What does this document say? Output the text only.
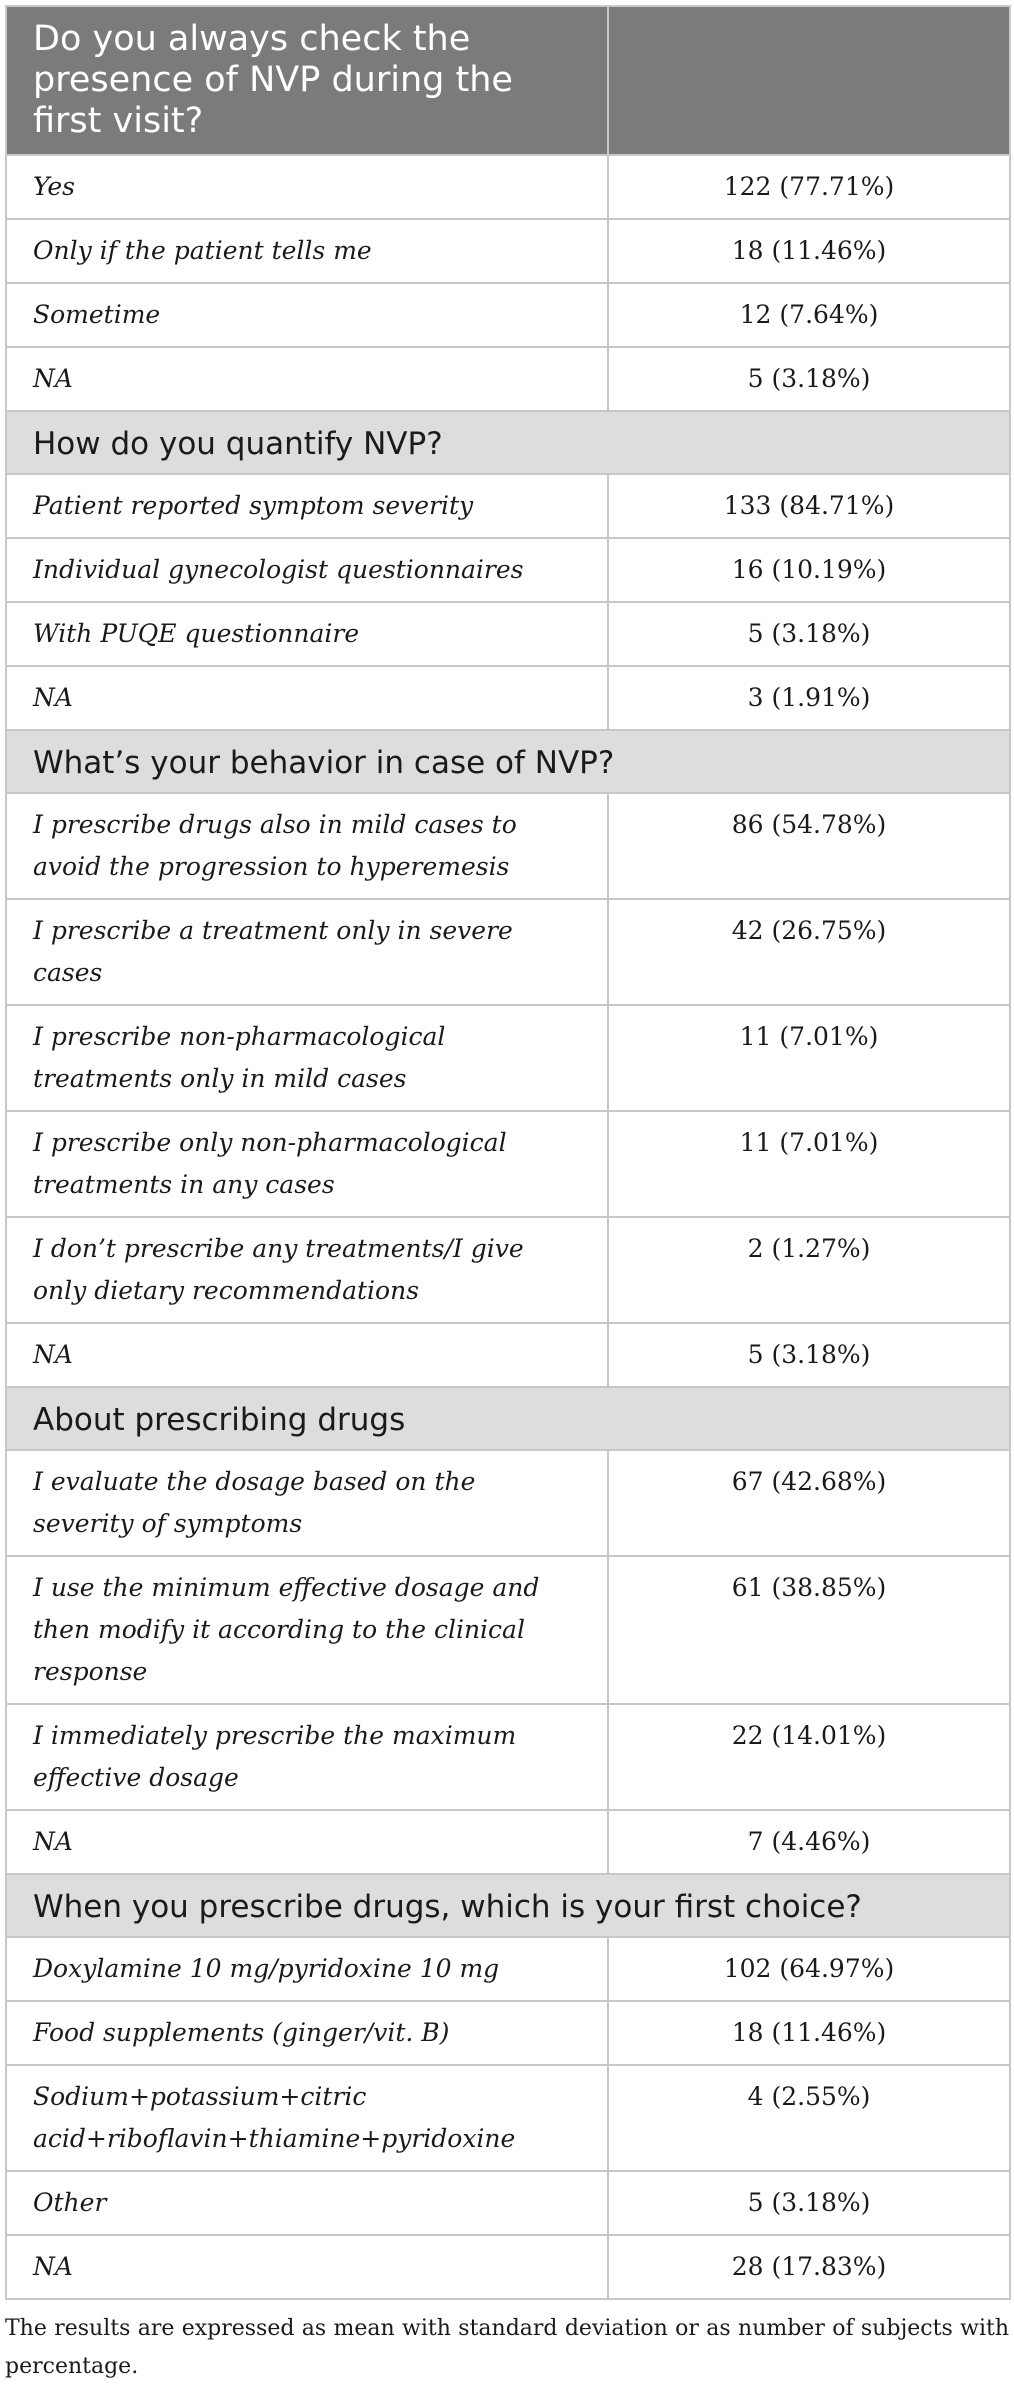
Do you always check the presence of NVP during the first visit?	
Yes	122 (77.71%)
Only if the patient tells me	18 (11.46%)
Sometime	12 (7.64%)
NA	5 (3.18%)
How do you quantify NVP?	
Patient reported symptom severity	133 (84.71%)
Individual gynecologist questionnaires	16 (10.19%)
With PUQE questionnaire	5 (3.18%)
NA	3 (1.91%)
What’s your behavior in case of NVP?	
I prescribe drugs also in mild cases to avoid the progression to hyperemesis	86 (54.78%)
I prescribe a treatment only in severe cases	42 (26.75%)
I prescribe non-pharmacological treatments only in mild cases	11 (7.01%)
I prescribe only non-pharmacological treatments in any cases	11 (7.01%)
I don’t prescribe any treatments/I give only dietary recommendations	2 (1.27%)
NA	5 (3.18%)
About prescribing drugs	
I evaluate the dosage based on the severity of symptoms	67 (42.68%)
I use the minimum effective dosage and then modify it according to the clinical response	61 (38.85%)
I immediately prescribe the maximum effective dosage	22 (14.01%)
NA	7 (4.46%)
When you prescribe drugs, which is your first choice?	
Doxylamine 10 mg/pyridoxine 10 mg	102 (64.97%)
Food supplements (ginger/vit. B)	18 (11.46%)
Sodium+potassium+citric acid+riboflavin+thiamine+pyridoxine	4 (2.55%)
Other	5 (3.18%)
NA	28 (17.83%)
The results are expressed as mean with standard deviation or as number of subjects with percentage.
